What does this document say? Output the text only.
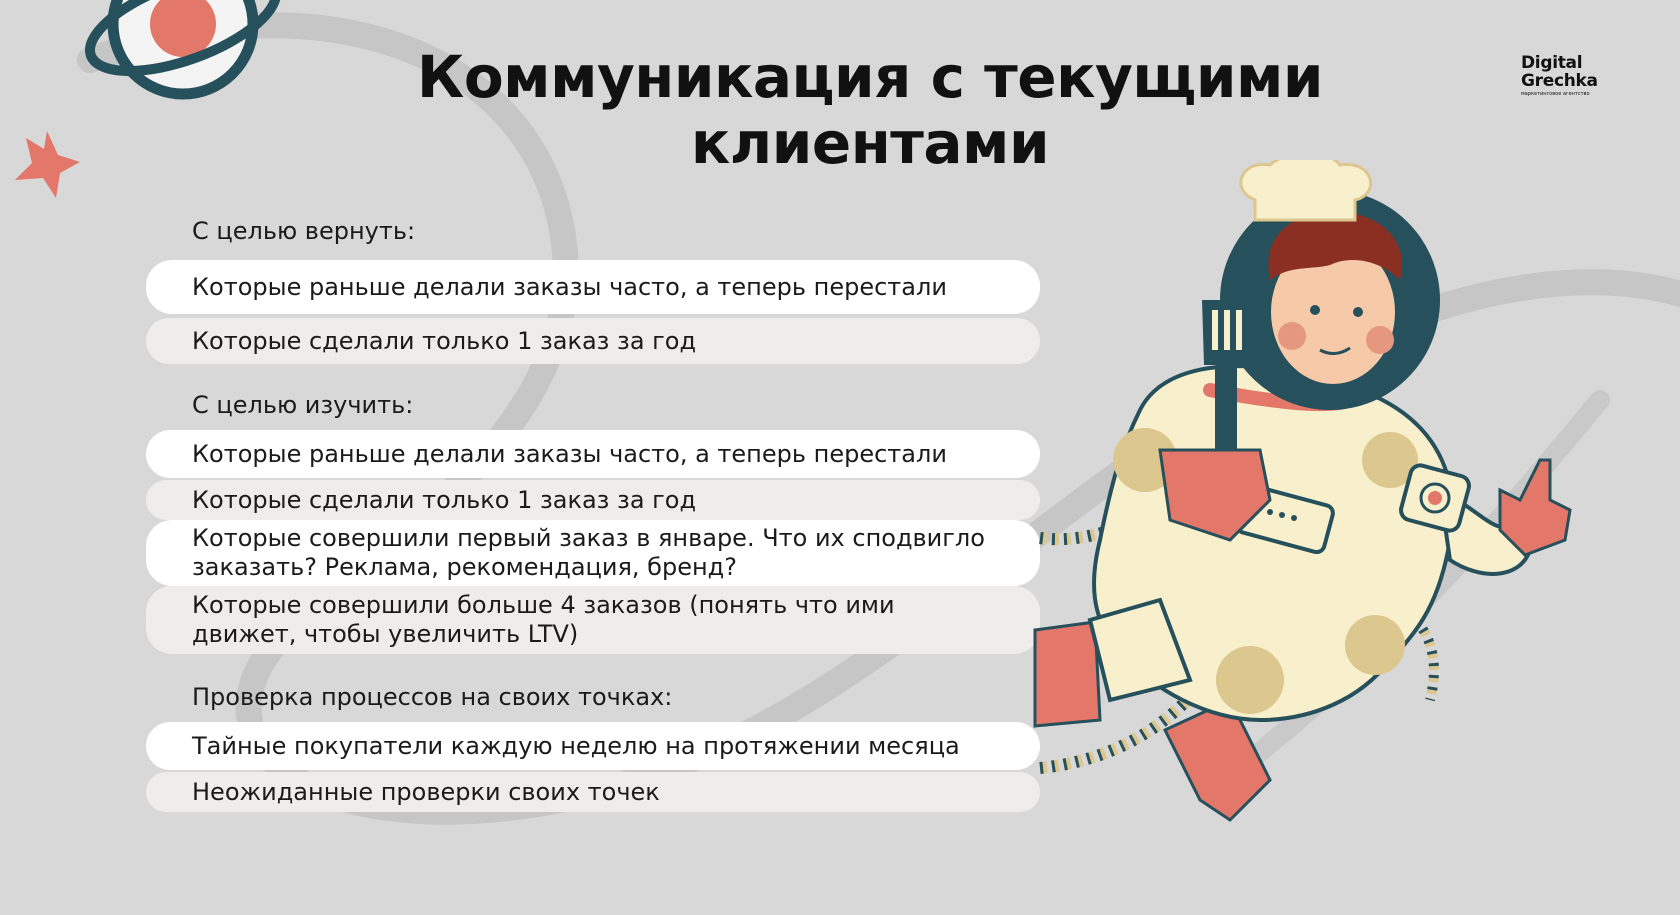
Коммуникация с текущими клиентами
Digital
Grechka
маркетинговое агентство
С целью вернуть:
Которые раньше делали заказы часто, а теперь перестали
Которые сделали только 1 заказ за год
С целью изучить:
Которые раньше делали заказы часто, а теперь перестали
Которые сделали только 1 заказ за год
Которые совершили первый заказ в январе. Что их сподвигло заказать? Реклама, рекомендация, бренд?
Которые совершили больше 4 заказов (понять что ими движет, чтобы увеличить LTV)
Проверка процессов на своих точках:
Тайные покупатели каждую неделю на протяжении месяца
Неожиданные проверки своих точек
